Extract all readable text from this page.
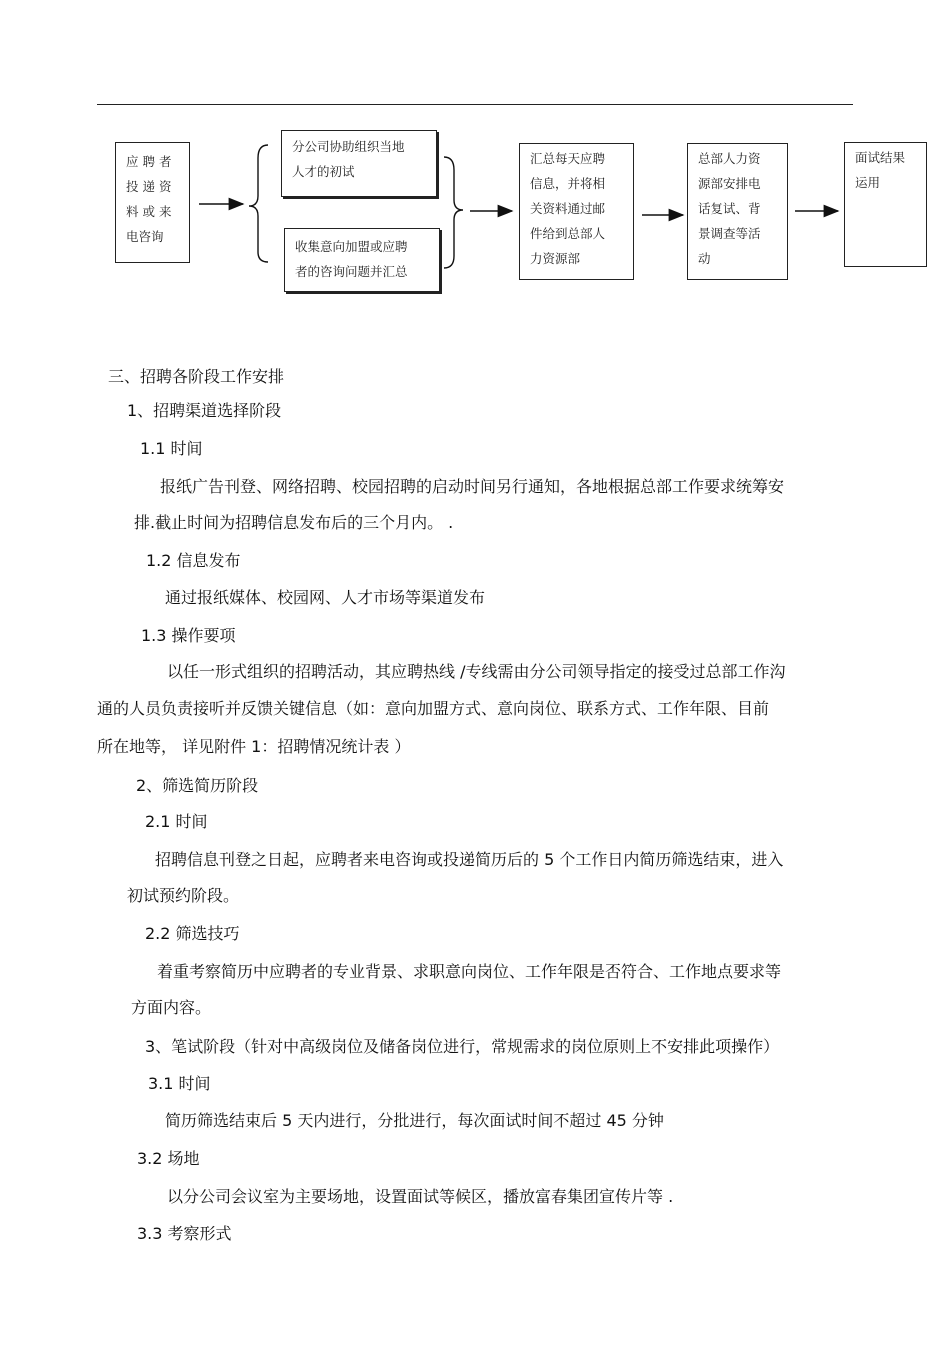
应 聘 者
投 递 资
料 或 来
电咨询
分公司协助组织当地
人才的初试
收集意向加盟或应聘
者的咨询问题并汇总
汇总每天应聘
信息，并将相
关资料通过邮
件给到总部人
力资源部
总部人力资
源部安排电
话复试、背
景调查等活
动
面试结果
运用
三、招聘各阶段工作安排
1、招聘渠道选择阶段
1.1 时间
报纸广告刊登、网络招聘、校园招聘的启动时间另行通知，各地根据总部工作要求统筹安
排.截止时间为招聘信息发布后的三个月内。 .
1.2 信息发布
通过报纸媒体、校园网、人才市场等渠道发布
1.3 操作要项
以任一形式组织的招聘活动，其应聘热线 /专线需由分公司领导指定的接受过总部工作沟
通的人员负责接听并反馈关键信息（如：意向加盟方式、意向岗位、联系方式、工作年限、目前
所在地等， 详见附件 1：招聘情况统计表 ）
2、筛选简历阶段
2.1 时间
招聘信息刊登之日起，应聘者来电咨询或投递简历后的 5 个工作日内简历筛选结束，进入
初试预约阶段。
2.2 筛选技巧
着重考察简历中应聘者的专业背景、求职意向岗位、工作年限是否符合、工作地点要求等
方面内容。
3、笔试阶段（针对中高级岗位及储备岗位进行，常规需求的岗位原则上不安排此项操作）
3.1 时间
简历筛选结束后 5 天内进行，分批进行，每次面试时间不超过 45 分钟
3.2 场地
以分公司会议室为主要场地，设置面试等候区，播放富春集团宣传片等 .
3.3 考察形式
